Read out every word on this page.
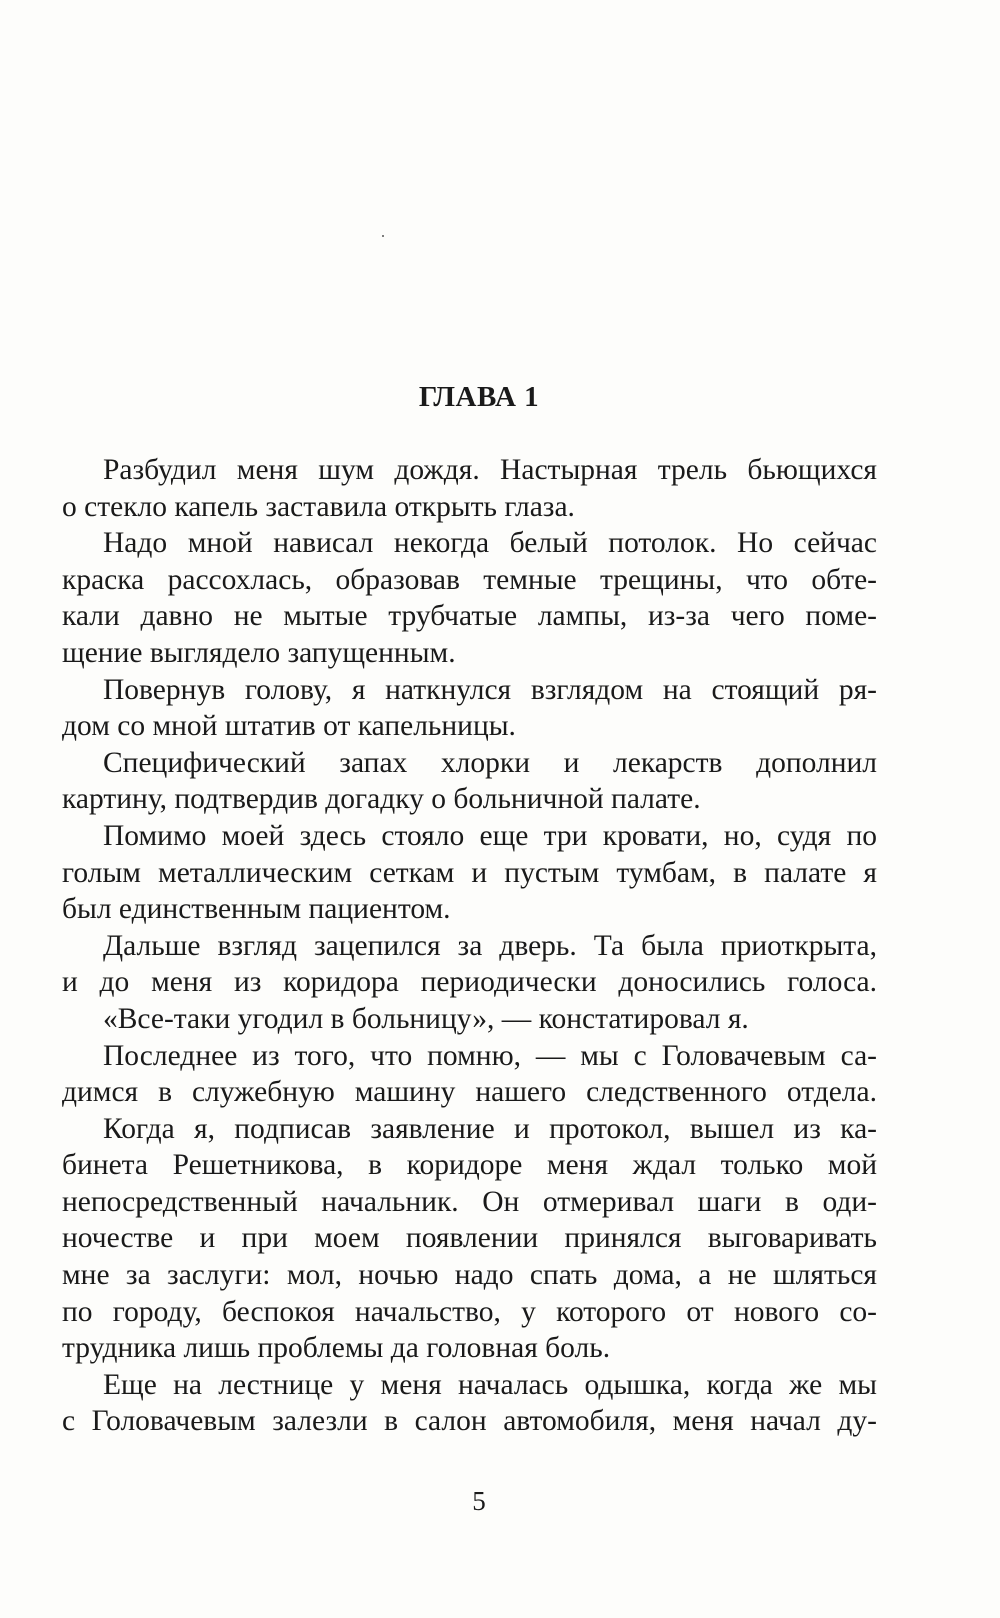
ГЛАВА 1
Разбудил меня шум дождя. Настырная трель бьющихся
о стекло капель заставила открыть глаза.
Надо мной нависал некогда белый потолок. Но сейчас
краска рассохлась, образовав темные трещины, что обте-
кали давно не мытые трубчатые лампы, из-за чего поме-
щение выглядело запущенным.
Повернув голову, я наткнулся взглядом на стоящий ря-
дом со мной штатив от капельницы.
Специфический запах хлорки и лекарств дополнил
картину, подтвердив догадку о больничной палате.
Помимо моей здесь стояло еще три кровати, но, судя по
голым металлическим сеткам и пустым тумбам, в палате я
был единственным пациентом.
Дальше взгляд зацепился за дверь. Та была приоткрыта,
и до меня из коридора периодически доносились голоса.
«Все-таки угодил в больницу», — констатировал я.
Последнее из того, что помню, — мы с Головачевым са-
димся в служебную машину нашего следственного отдела.
Когда я, подписав заявление и протокол, вышел из ка-
бинета Решетникова, в коридоре меня ждал только мой
непосредственный начальник. Он отмеривал шаги в оди-
ночестве и при моем появлении принялся выговаривать
мне за заслуги: мол, ночью надо спать дома, а не шляться
по городу, беспокоя начальство, у которого от нового со-
трудника лишь проблемы да головная боль.
Еще на лестнице у меня началась одышка, когда же мы
с Головачевым залезли в салон автомобиля, меня начал ду-
5
